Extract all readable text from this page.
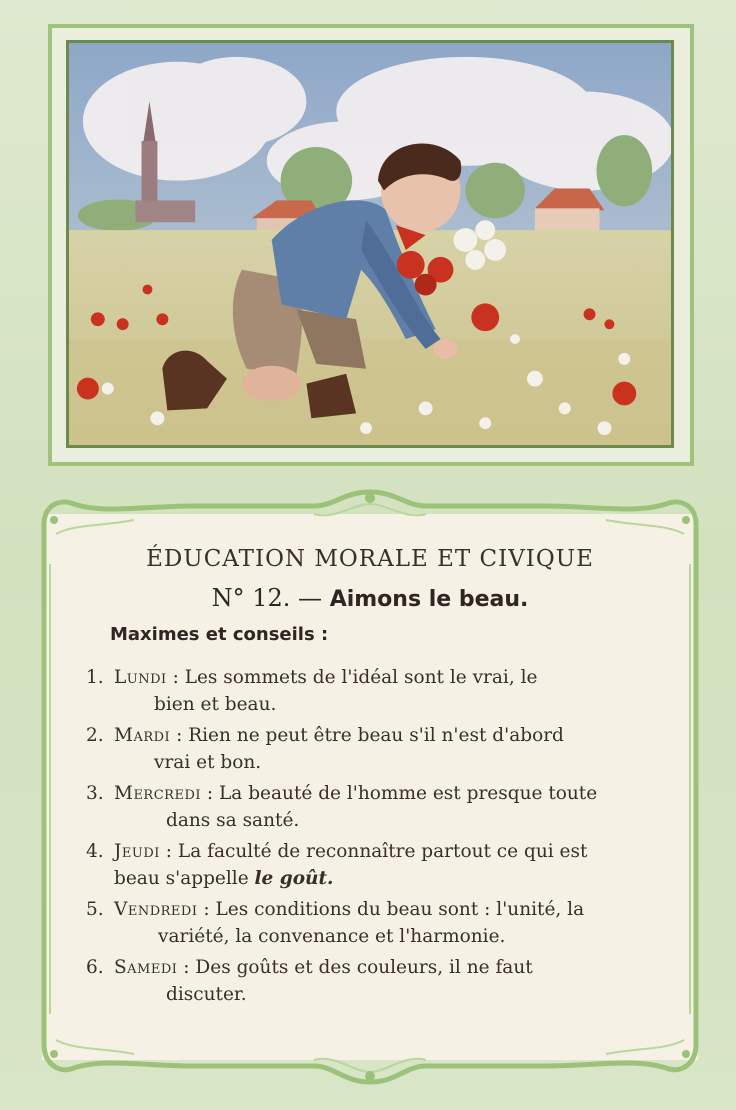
ÉDUCATION MORALE ET CIVIQUE
N° 12. — Aimons le beau.
Maximes et conseils :
1. Lundi : Les sommets de l'idéal sont le vrai, le
bien et beau.
2. Mardi : Rien ne peut être beau s'il n'est d'abord
vrai et bon.
3. Mercredi : La beauté de l'homme est presque toute
dans sa santé.
4. Jeudi : La faculté de reconnaître partout ce qui est
beau s'appelle le goût.
5. Vendredi : Les conditions du beau sont : l'unité, la
variété, la convenance et l'harmonie.
6. Samedi : Des goûts et des couleurs, il ne faut
discuter.
